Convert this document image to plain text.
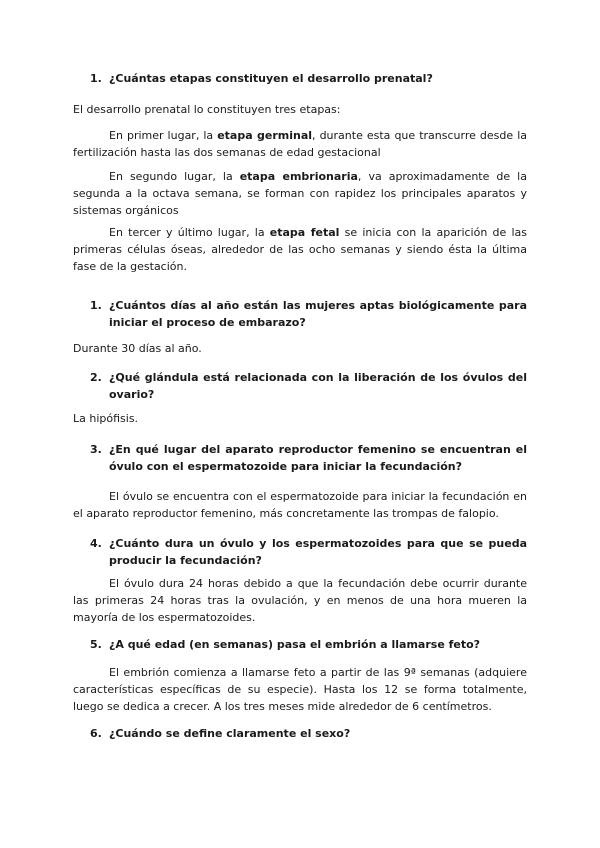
1. ¿Cuántas etapas constituyen el desarrollo prenatal?

El desarrollo prenatal lo constituyen tres etapas:

En primer lugar, la etapa germinal, durante esta que transcurre desde la fertilización hasta las dos semanas de edad gestacional

En segundo lugar, la etapa embrionaria, va aproximadamente de la segunda a la octava semana, se forman con rapidez los principales aparatos y sistemas orgánicos

En tercer y último lugar, la etapa fetal se inicia con la aparición de las primeras células óseas, alrededor de las ocho semanas y siendo ésta la última fase de la gestación.

1. ¿Cuántos días al año están las mujeres aptas biológicamente para iniciar el proceso de embarazo?

Durante 30 días al año.

2. ¿Qué glándula está relacionada con la liberación de los óvulos del ovario?

La hipófisis.

3. ¿En qué lugar del aparato reproductor femenino se encuentran el óvulo con el espermatozoide para iniciar la fecundación?

El óvulo se encuentra con el espermatozoide para iniciar la fecundación en el aparato reproductor femenino, más concretamente las trompas de falopio.

4. ¿Cuánto dura un óvulo y los espermatozoides para que se pueda producir la fecundación?

El óvulo dura 24 horas debido a que la fecundación debe ocurrir durante las primeras 24 horas tras la ovulación, y en menos de una hora mueren la mayoría de los espermatozoides.

5. ¿A qué edad (en semanas) pasa el embrión a llamarse feto?

El embrión comienza a llamarse feto a partir de las 9ª semanas (adquiere características específicas de su especie). Hasta los 12 se forma totalmente, luego se dedica a crecer. A los tres meses mide alrededor de 6 centímetros.

6. ¿Cuándo se define claramente el sexo?
